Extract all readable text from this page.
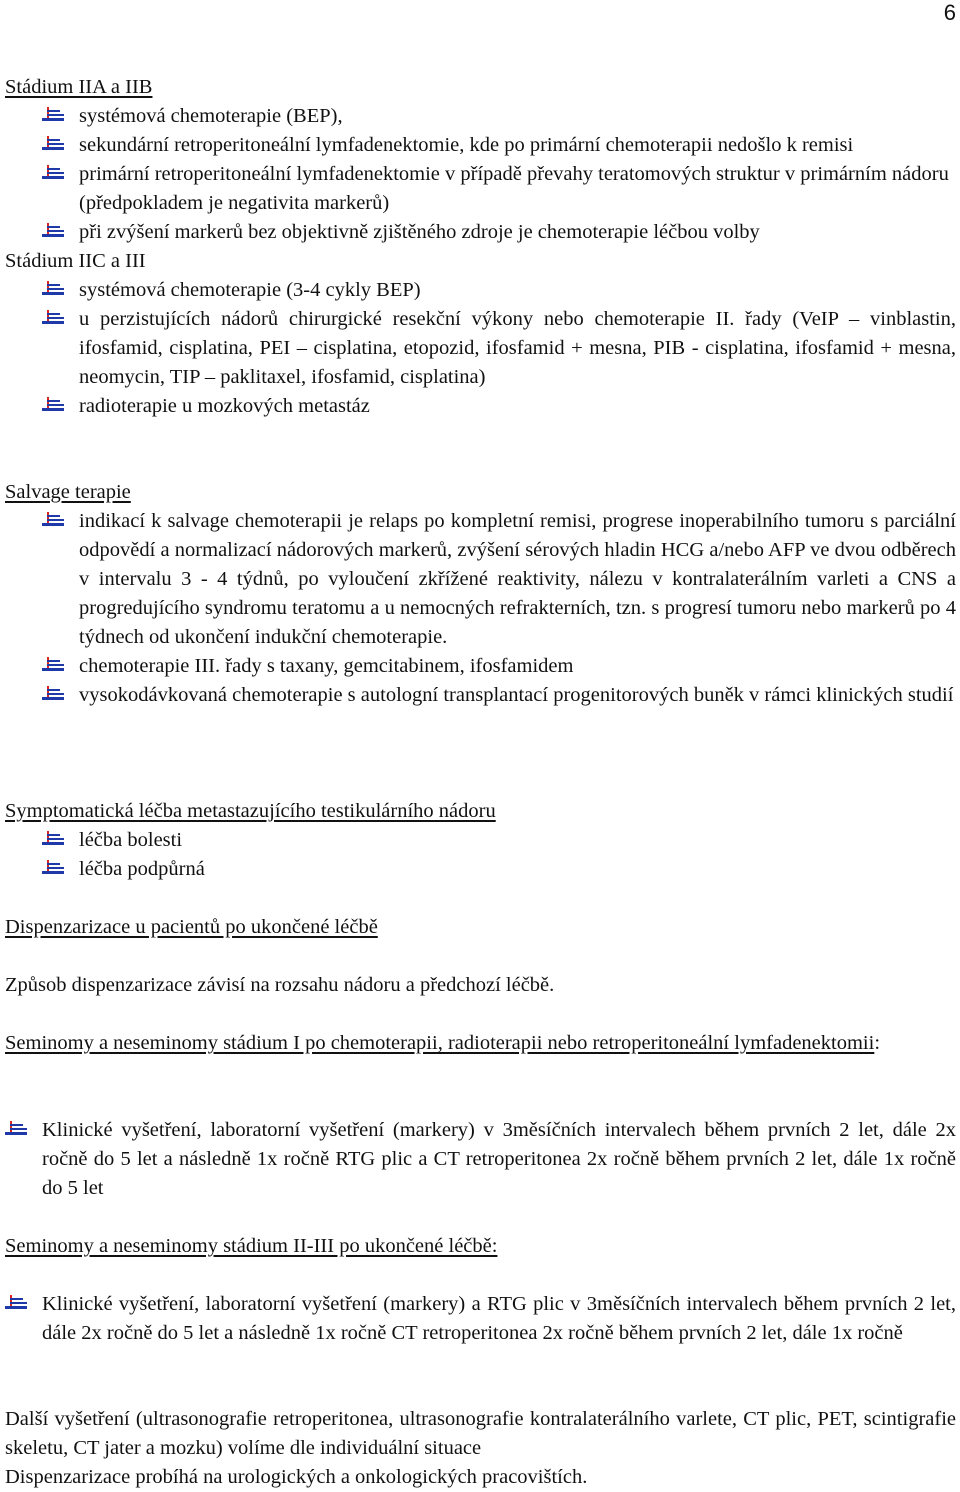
6
Stádium IIA a IIB
systémová chemoterapie (BEP),
sekundární retroperitoneální lymfadenektomie, kde po primární chemoterapii nedošlo k remisi
primární retroperitoneální lymfadenektomie v případě převahy teratomových struktur v primárním nádoru (předpokladem je negativita markerů)
při zvýšení markerů bez objektivně zjištěného zdroje je chemoterapie léčbou volby
Stádium IIC a III
systémová chemoterapie (3-4 cykly BEP)
u perzistujících nádorů chirurgické resekční výkony nebo chemoterapie II. řady (VeIP – vinblastin, ifosfamid, cisplatina, PEI – cisplatina, etopozid, ifosfamid + mesna, PIB - cisplatina, ifosfamid + mesna, neomycin, TIP – paklitaxel, ifosfamid, cisplatina)
radioterapie u mozkových metastáz
Salvage terapie
indikací k salvage chemoterapii je relaps po kompletní remisi, progrese inoperabilního tumoru s parciální odpovědí a normalizací nádorových markerů, zvýšení sérových hladin HCG a/nebo AFP ve dvou odběrech v intervalu 3 - 4 týdnů, po vyloučení zkřížené reaktivity, nálezu v kontralaterálním varleti a CNS a progredujícího syndromu teratomu a u nemocných refrakterních, tzn. s progresí tumoru nebo markerů po 4 týdnech od ukončení indukční chemoterapie.
chemoterapie III. řady s taxany, gemcitabinem, ifosfamidem
vysokodávkovaná chemoterapie s autologní transplantací progenitorových buněk v rámci klinických studií
Symptomatická léčba metastazujícího testikulárního nádoru
léčba bolesti
léčba podpůrná
Dispenzarizace u pacientů po ukončené léčbě
Způsob dispenzarizace závisí na rozsahu nádoru a předchozí léčbě.
Seminomy a neseminomy stádium I po chemoterapii, radioterapii nebo retroperitoneální lymfadenektomii:
Klinické vyšetření, laboratorní vyšetření (markery) v 3měsíčních intervalech během prvních 2 let, dále 2x ročně do 5 let a následně 1x ročně RTG plic a CT retroperitonea 2x ročně během prvních 2 let, dále 1x ročně do 5 let
Seminomy a neseminomy stádium II-III po ukončené léčbě:
Klinické vyšetření, laboratorní vyšetření (markery) a RTG plic v 3měsíčních intervalech během prvních 2 let, dále 2x ročně do 5 let a následně 1x ročně CT retroperitonea 2x ročně během prvních 2 let, dále 1x ročně
Další vyšetření (ultrasonografie retroperitonea, ultrasonografie kontralaterálního varlete, CT plic, PET, scintigrafie skeletu, CT jater a mozku) volíme dle individuální situace
Dispenzarizace probíhá na urologických a onkologických pracovištích.
